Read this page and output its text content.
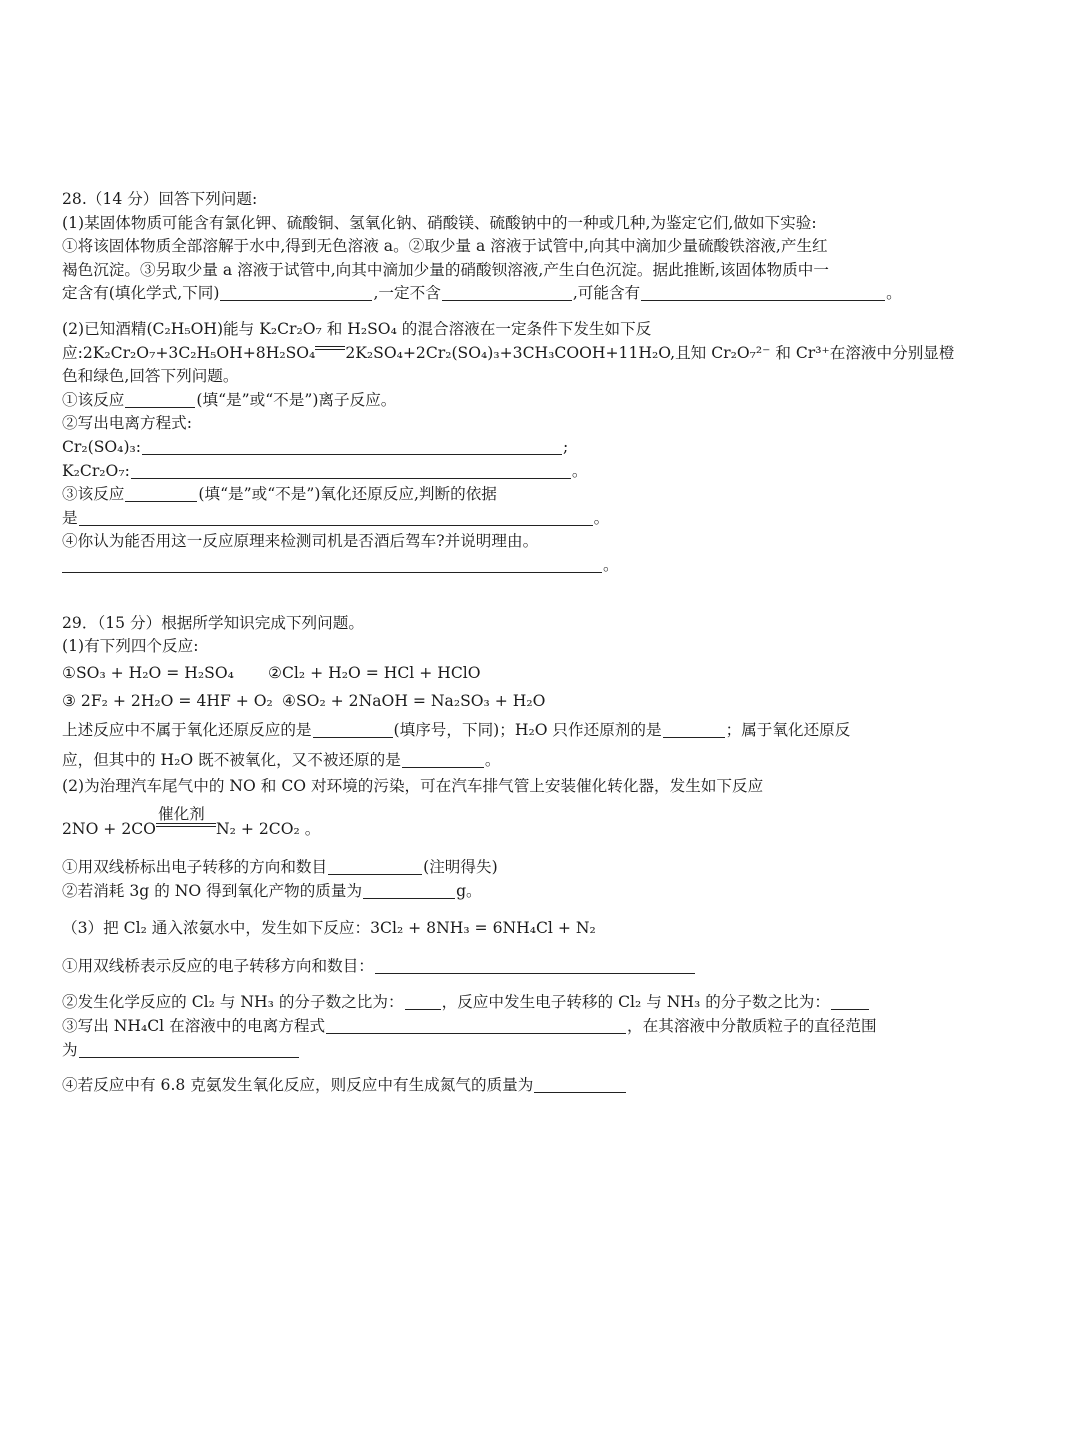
28.（14 分）回答下列问题:
(1)某固体物质可能含有氯化钾、硫酸铜、氢氧化钠、硝酸镁、硫酸钠中的一种或几种,为鉴定它们,做如下实验:
①将该固体物质全部溶解于水中,得到无色溶液 a。②取少量 a 溶液于试管中,向其中滴加少量硫酸铁溶液,产生红
褐色沉淀。③另取少量 a 溶液于试管中,向其中滴加少量的硝酸钡溶液,产生白色沉淀。据此推断,该固体物质中一
定含有(填化学式,下同)	,一定不含	,可能含有	。
(2)已知酒精(C₂H₅OH)能与 K₂Cr₂O₇ 和 H₂SO₄ 的混合溶液在一定条件下发生如下反
应:2K₂Cr₂O₇+3C₂H₅OH+8H₂SO₄ 2K₂SO₄+2Cr₂(SO₄)₃+3CH₃COOH+11H₂O,且知 Cr₂O₇²⁻ 和 Cr³⁺在溶液中分别显橙
色和绿色,回答下列问题。
①该反应	(填“是”或“不是”)离子反应。
②写出电离方程式:
Cr₂(SO₄)₃:	;
K₂Cr₂O₇:	。
③该反应	(填“是”或“不是”)氧化还原反应,判断的依据
是	。
④你认为能否用这一反应原理来检测司机是否酒后驾车?并说明理由。
。
29．（15 分）根据所学知识完成下列问题。
(1)有下列四个反应:
①SO₃ + H₂O = H₂SO₄ ②Cl₂ + H₂O = HCl + HClO
③ 2F₂ + 2H₂O = 4HF + O₂ ④SO₂ + 2NaOH = Na₂SO₃ + H₂O
上述反应中不属于氧化还原反应的是	(填序号，下同)；H₂O 只作还原剂的是	；属于氧化还原反
应，但其中的 H₂O 既不被氧化，又不被还原的是	。
(2)为治理汽车尾气中的 NO 和 CO 对环境的污染，可在汽车排气管上安装催化转化器，发生如下反应
2NO + 2CO
催化剂
N₂ + 2CO₂ 。
①用双线桥标出电子转移的方向和数目	(注明得失)
②若消耗 3g 的 NO 得到氧化产物的质量为	g。
（3）把 Cl₂ 通入浓氨水中，发生如下反应：3Cl₂ + 8NH₃ = 6NH₄Cl + N₂
①用双线桥表示反应的电子转移方向和数目：
②发生化学反应的 Cl₂ 与 NH₃ 的分子数之比为： ，反应中发生电子转移的 Cl₂ 与 NH₃ 的分子数之比为：
③写出 NH₄Cl 在溶液中的电离方程式	，在其溶液中分散质粒子的直径范围
为
④若反应中有 6.8 克氨发生氧化反应，则反应中有生成氮气的质量为
